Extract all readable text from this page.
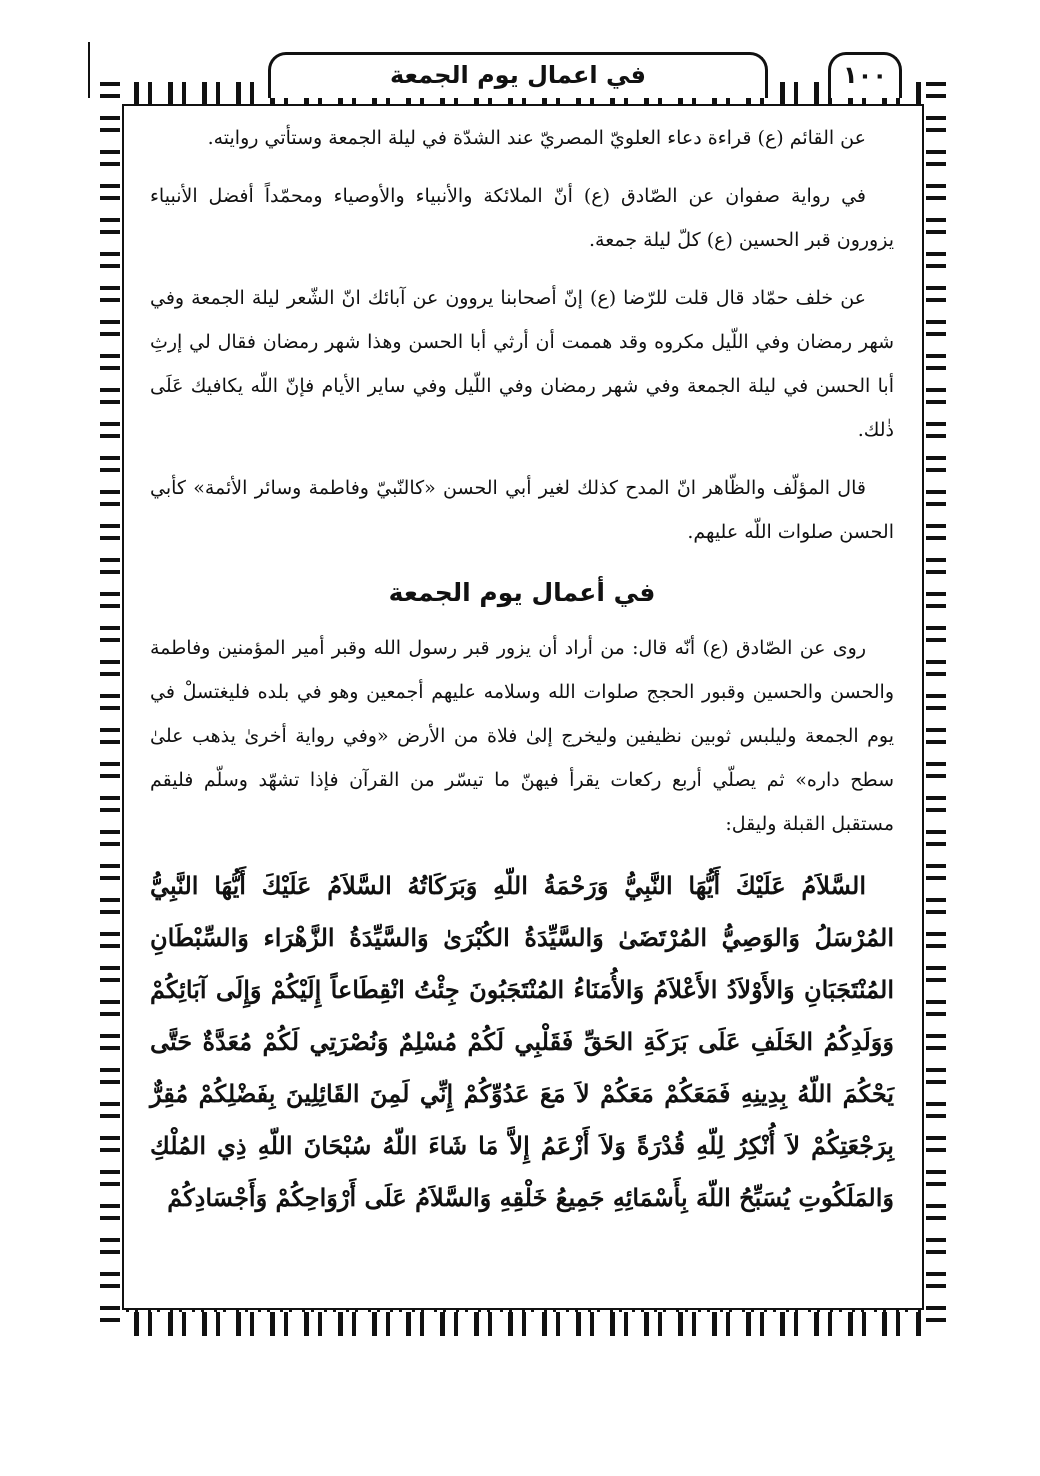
في اعمال يوم الجمعة	١٠٠

عن القائم (ع) قراءة دعاء العلويّ المصريّ عند الشدّة في ليلة الجمعة وستأتي روايته.

في رواية صفوان عن الصّادق (ع) أنّ الملائكة والأنبياء والأوصياء ومحمّداً أفضل الأنبياء يزورون قبر الحسين (ع) كلّ ليلة جمعة.

عن خلف حمّاد قال قلت للرّضا (ع) إنّ أصحابنا يروون عن آبائك انّ الشّعر ليلة الجمعة وفي شهر رمضان وفي اللّيل مكروه وقد هممت أن أرثي أبا الحسن وهذا شهر رمضان فقال لي إرثِ أبا الحسن في ليلة الجمعة وفي شهر رمضان وفي اللّيل وفي ساير الأيام فإنّ اللّه يكافيك عَلَى ذٰلك.

قال المؤلّف والظّاهر انّ المدح كذلك لغير أبي الحسن «كالنّبيّ وفاطمة وسائر الأئمة» كأبي الحسن صلوات اللّه عليهم.

في أعمال يوم الجمعة

روى عن الصّادق (ع) أنّه قال: من أراد أن يزور قبر رسول الله وقبر أمير المؤمنين وفاطمة والحسن والحسين وقبور الحجج صلوات الله وسلامه عليهم أجمعين وهو في بلده فليغتسلْ في يوم الجمعة وليلبس ثوبين نظيفين وليخرج إلىٰ فلاة من الأرض «وفي رواية أخرىٰ يذهب علىٰ سطح داره» ثم يصلّي أربع ركعات يقرأ فيهنّ ما تيسّر من القرآن فإذا تشهّد وسلّم فليقم مستقبل القبلة وليقل:

السَّلاَمُ عَلَيْكَ أَيُّهَا النَّبِيُّ وَرَحْمَةُ اللّهِ وَبَرَكَاتُهُ السَّلاَمُ عَلَيْكَ أَيُّهَا النَّبِيُّ المُرْسَلُ وَالوَصِيُّ المُرْتَضَىٰ وَالسَّيِّدَةُ الكُبْرَىٰ وَالسَّيِّدَةُ الزَّهْرَاء وَالسِّبْطَانِ المُنْتَجَبَانِ وَالأَوْلاَدُ الأَعْلاَمُ وَالأُمَنَاءُ المُنْتَجَبُونَ جِئْتُ انْقِطَاعاً إِلَيْكُمْ وَإِلَى آبَائِكُمْ وَوَلَدِكُمُ الخَلَفِ عَلَى بَرَكَةِ الحَقِّ فَقَلْبِي لَكُمْ مُسْلِمٌ وَنُصْرَتِي لَكُمْ مُعَدَّةٌ حَتَّى يَحْكُمَ اللّهُ بِدِينِهِ فَمَعَكُمْ مَعَكُمْ لاَ مَعَ عَدُوِّكُمْ إِنِّي لَمِنَ القَائِلِينَ بِفَضْلِكُمْ مُقِرٌّ بِرَجْعَتِكُمْ لاَ أُنْكِرُ لِلّهِ قُدْرَةً وَلاَ أَزْعَمُ إِلاَّ مَا شَاءَ اللّهُ سُبْحَانَ اللّهِ ذِي المُلْكِ وَالمَلَكُوتِ يُسَبِّحُ اللّهَ بِأَسْمَائِهِ جَمِيعُ خَلْقِهِ وَالسَّلاَمُ عَلَى أَرْوَاحِكُمْ وَأَجْسَادِكُمْ
